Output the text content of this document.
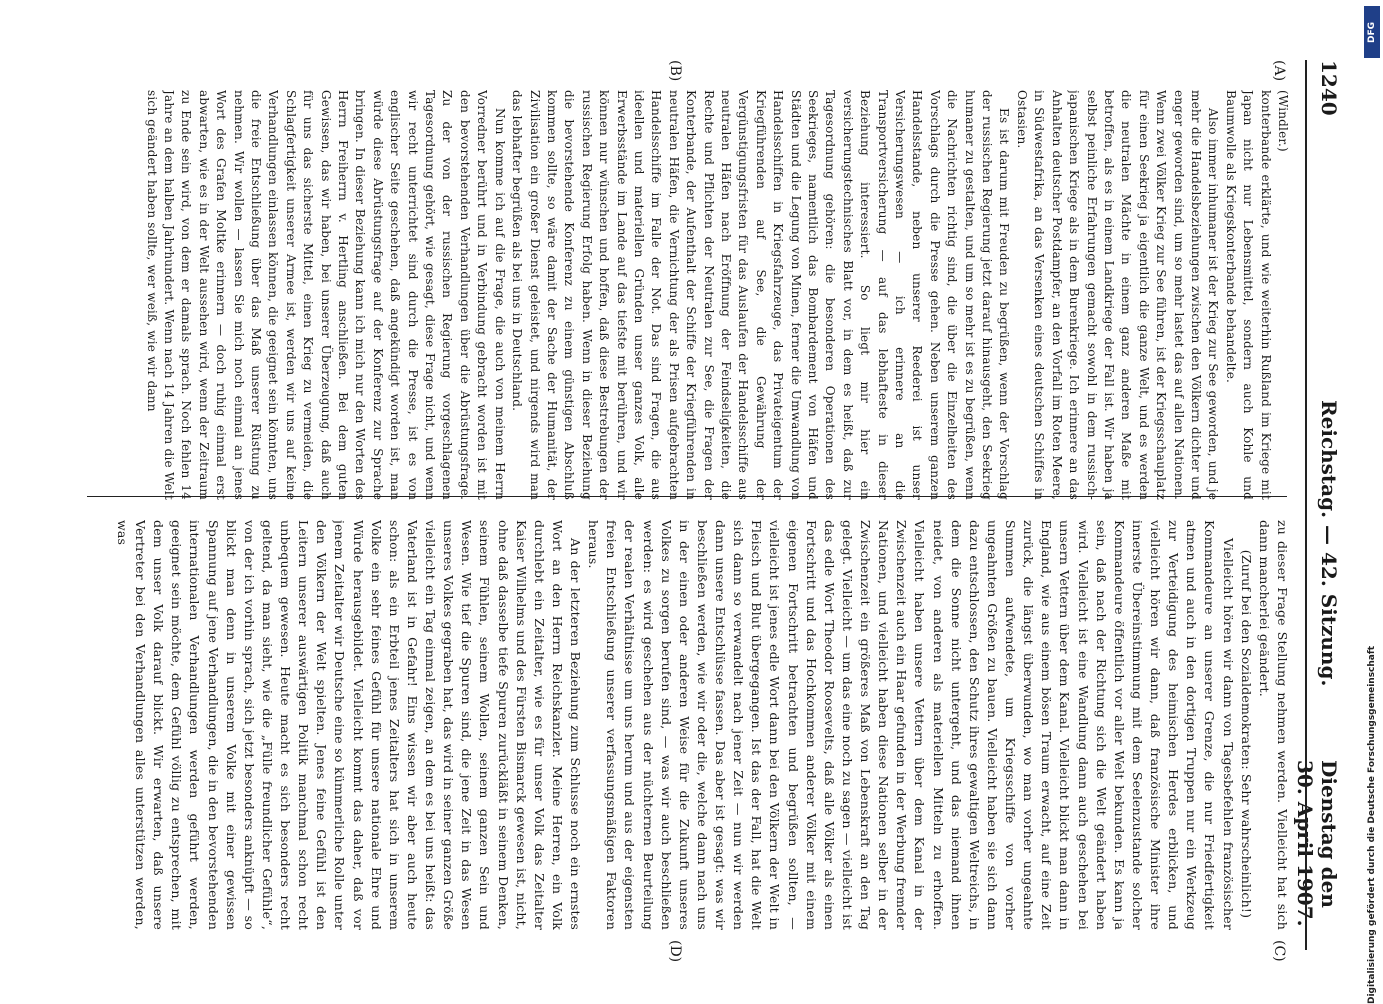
1240
Reichstag. — 42. Sitzung.
Dienstag den 30. April 1907.
(A)
(B)
(C)
(D)

(Windler.)

konterbande erklärte, und wie weiterhin Rußland im Kriege mit Japan nicht nur Lebensmittel, sondern auch Kohle und Baumwolle als Kriegskonterbande behandelte.

Also immer inhumaner ist der Krieg zur See geworden, und je mehr die Handelsbeziehungen zwischen den Völkern dichter und enger geworden sind, um so mehr lastet das auf allen Nationen. Wenn zwei Völker Krieg zur See führen, ist der Kriegsschauplatz für einen Seekrieg ja eigentlich die ganze Welt, und es werden die neutralen Mächte in einem ganz anderen Maße mit betroffen, als es in einem Landkriege der Fall ist. Wir haben ja selbst peinliche Erfahrungen gemacht sowohl in dem russisch-japanischen Kriege als in dem Burenkriege. Ich erinnere an das Anhalten deutscher Postdampfer, an den Vorfall im Roten Meere, in Südwestafrika, an das Versenken eines deutschen Schiffes in Ostasien.

Es ist darum mit Freuden zu begrüßen, wenn der Vorschlag der russischen Regierung jetzt darauf hinausgeht, den Seekrieg humaner zu gestalten, und um so mehr ist es zu begrüßen, wenn die Nachrichten richtig sind, die über die Einzelheiten des Vorschlags durch die Presse gehen. Neben unserem ganzen Handelsstande, neben unserer Reederei ist unser Versicherungswesen — ich erinnere an die Transportversicherung — auf das lebhafteste in dieser Beziehung interessiert. So liegt mir hier ein versicherungstechnisches Blatt vor, in dem es heißt, daß zur Tagesordnung gehören: die besonderen Operationen des Seekrieges, namentlich das Bombardement von Häfen und Städten und die Legung von Minen, ferner die Umwandlung von Handelsschiffen in Kriegsfahrzeuge, das Privateigentum der Kriegführenden auf See, die Gewährung der Vergünstigungsfristen für das Auslaufen der Handelsschiffe aus neutralen Häfen nach Eröffnung der Feindseligkeiten, die Rechte und Pflichten der Neutralen zur See, die Fragen der Konterbande, der Aufenthalt der Schiffe der Kriegführenden in neutralen Häfen, die Vernichtung der als Prisen aufgebrachten Handelsschiffe im Falle der Not. Das sind Fragen, die aus ideellen und materiellen Gründen unser ganzes Volk, alle Erwerbsstände im Lande auf das tiefste mit berühren, und wir können nur wünschen und hoffen, daß diese Bestrebungen der russischen Regierung Erfolg haben. Wenn in dieser Beziehung die bevorstehende Konferenz zu einem günstigen Abschluß kommen sollte, so wäre damit der Sache der Humanität, der Zivilisation ein großer Dienst geleistet, und nirgends wird man das lebhafter begrüßen als bei uns in Deutschland.

Nun komme ich auf die Frage, die auch von meinem Herrn Vorredner berührt und in Verbindung gebracht worden ist mit den bevorstehenden Verhandlungen über die Abrüstungsfrage. Zu der von der russischen Regierung vorgeschlagenen Tagesordnung gehört, wie gesagt, diese Frage nicht, und wenn wir recht unterrichtet sind durch die Presse, ist es von englischer Seite geschehen, daß angekündigt worden ist, man würde diese Abrüstungsfrage auf der Konferenz zur Sprache bringen. In dieser Beziehung kann ich mich nur den Worten des Herrn Freiherrn v. Hertling anschließen. Bei dem guten Gewissen, das wir haben, bei unserer Überzeugung, daß auch für uns das sicherste Mittel, einen Krieg zu vermeiden, die Schlagfertigkeit unserer Armee ist, werden wir uns auf keine Verhandlungen einlassen können, die geeignet sein könnten, uns die freie Entschließung über das Maß unserer Rüstung zu nehmen. Wir wollen — lassen Sie mich noch einmal an jenes Wort des Grafen Moltke erinnern — doch ruhig einmal erst abwarten, wie es in der Welt aussehen wird, wenn der Zeitraum zu Ende sein wird, von dem er damals sprach. Noch fehlen 14 Jahre an dem halben Jahrhundert. Wenn nach 14 Jahren die Welt sich geändert haben sollte, wer weiß, wie wir dann

zu dieser Frage Stellung nehmen werden. Vielleicht hat sich dann mancherlei geändert.

(Zuruf bei den Sozialdemokraten: Sehr wahrscheinlich!)

Vielleicht hören wir dann von Tagesbefehlen französischer Kommandeure an unserer Grenze, die nur Friedfertigkeit atmen und auch in den dortigen Truppen nur ein Werkzeug zur Verteidigung des heimischen Herdes erblicken, und vielleicht hören wir dann, daß französische Minister ihre innerste Übereinstimmung mit dem Seelenzustande solcher Kommandeure öffentlich vor aller Welt bekunden. Es kann ja sein, daß nach der Richtung sich die Welt geändert haben wird. Vielleicht ist eine Wandlung dann auch geschehen bei unsern Vettern über dem Kanal. Vielleicht blickt man dann in England, wie aus einem bösen Traum erwacht, auf eine Zeit zurück, die längst überwunden, wo man vorher ungeahnte Summen aufwendete, um Kriegsschiffe von vorher ungeahnten Größen zu bauen. Vielleicht haben sie sich dann dazu entschlossen, den Schutz ihres gewaltigen Weltreichs, in dem die Sonne nicht untergeht, und das niemand ihnen neidet, von anderen als materiellen Mitteln zu erhoffen. Vielleicht haben unsere Vettern über dem Kanal in der Zwischenzeit auch ein Haar gefunden in der Werbung fremder Nationen, und vielleicht haben diese Nationen selber in der Zwischenzeit ein größeres Maß von Lebenskraft an den Tag gelegt. Vielleicht — um das eine noch zu sagen — vielleicht ist das edle Wort Theodor Roosevelts, daß alle Völker als einen Fortschritt und das Hochkommen anderer Völker mit einem eigenen Fortschritt betrachten und begrüßen sollten, — vielleicht ist jenes edle Wort dann bei den Völkern der Welt in Fleisch und Blut übergegangen. Ist das der Fall, hat die Welt sich dann so verwandelt nach jener Zeit — nun wir werden dann unsere Entschlüsse fassen. Das aber ist gesagt: was wir beschließen werden, wie wir oder die, welche dann nach uns in der einen oder anderen Weise für die Zukunft unseres Volkes zu sorgen berufen sind, — was wir auch beschließen werden: es wird geschehen aus der nüchternen Beurteilung der realen Verhältnisse um uns herum und aus der eigensten freien Entschließung unserer verfassungsmäßigen Faktoren heraus.

An der letzteren Beziehung zum Schlusse noch ein ernstes Wort an den Herrn Reichskanzler. Meine Herren, ein Volk durchlebt ein Zeitalter, wie es für unser Volk das Zeitalter Kaiser Wilhelms und des Fürsten Bismarck gewesen ist, nicht, ohne daß dasselbe tiefe Spuren zurückläßt in seinem Denken, seinem Fühlen, seinem Wollen, seinem ganzen Sein und Wesen. Wie tief die Spuren sind, die jene Zeit in das Wesen unseres Volkes gegraben hat, das wird in seiner ganzen Größe vielleicht ein Tag einmal zeigen, an dem es bei uns heißt: das Vaterland ist in Gefahr! Eins wissen wir aber auch heute schon: als ein Erbteil jenes Zeitalters hat sich in unserem Volke ein sehr feines Gefühl für unsere nationale Ehre und Würde herausgebildet. Vielleicht kommt das daher, daß vor jenem Zeitalter wir Deutsche eine so kümmerliche Rolle unter den Völkern der Welt spielten. Jenes feine Gefühl ist den Leitern unserer auswärtigen Politik manchmal schon recht unbequem gewesen. Heute macht es sich besonders recht geltend, da man sieht, wie die „Fülle freundlicher Gefühle“, von der ich vorhin sprach, sich jetzt besonders anknüpft — so blickt man denn in unserem Volke mit einer gewissen Spannung auf jene Verhandlungen, die in den bevorstehenden internationalen Verhandlungen werden geführt werden, geeignet sein möchte, dem Gefühl völlig zu entsprechen, mit dem unser Volk darauf blickt. Wir erwarten, daß unsere Vertreter bei den Verhandlungen alles unterstützen werden, was

DFG
Digitalisierung gefördert durch die Deutsche Forschungsgemeinschaft
